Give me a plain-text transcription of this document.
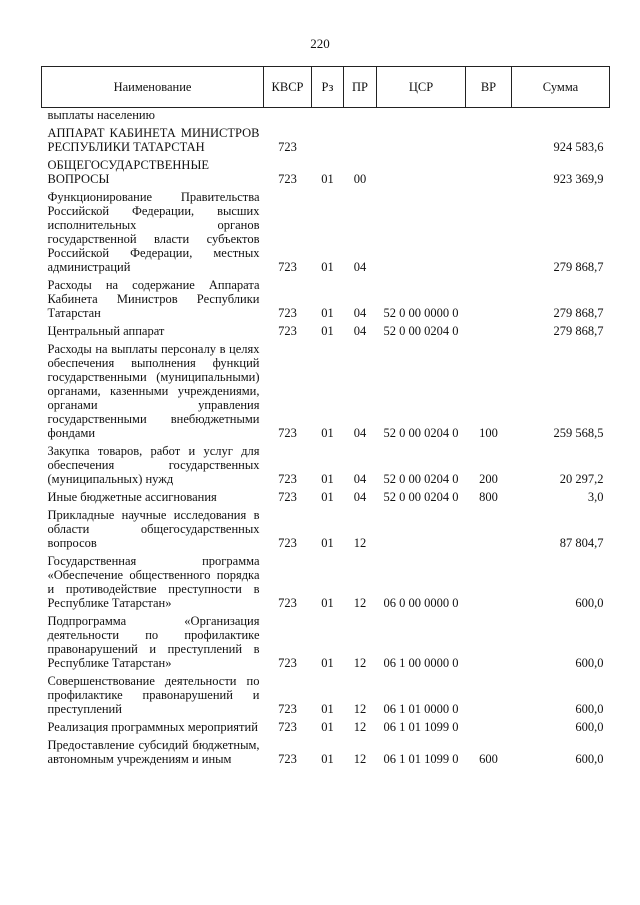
220
Наименование	КВСР	Рз	ПР	ЦСР	ВР	Сумма
выплаты населению						
АППАРАТ КАБИНЕТА МИНИСТРОВ РЕСПУБЛИКИ ТАТАРСТАН	723					924 583,6
ОБЩЕГОСУДАРСТВЕННЫЕ ВОПРОСЫ	723	01	00			923 369,9
Функционирование Правительства Российской Федерации, высших исполнительных органов государственной власти субъектов Российской Федерации, местных администраций	723	01	04			279 868,7
Расходы на содержание Аппарата Кабинета Министров Республики Татарстан	723	01	04	52 0 00 0000 0		279 868,7
Центральный аппарат	723	01	04	52 0 00 0204 0		279 868,7
Расходы на выплаты персоналу в целях обеспечения выполнения функций государственными (муниципальными) органами, казенными учреждениями, органами управления государственными внебюджетными фондами	723	01	04	52 0 00 0204 0	100	259 568,5
Закупка товаров, работ и услуг для обеспечения государственных (муниципальных) нужд	723	01	04	52 0 00 0204 0	200	20 297,2
Иные бюджетные ассигнования	723	01	04	52 0 00 0204 0	800	3,0
Прикладные научные исследования в области общегосударственных вопросов	723	01	12			87 804,7
Государственная программа «Обеспечение общественного порядка и противодействие преступности в Республике Татарстан»	723	01	12	06 0 00 0000 0		600,0
Подпрограмма «Организация деятельности по профилактике правонарушений и преступлений в Республике Татарстан»	723	01	12	06 1 00 0000 0		600,0
Совершенствование деятельности по профилактике правонарушений и преступлений	723	01	12	06 1 01 0000 0		600,0
Реализация программных мероприятий	723	01	12	06 1 01 1099 0		600,0
Предоставление субсидий бюджетным, автономным учреждениям и иным	723	01	12	06 1 01 1099 0	600	600,0
